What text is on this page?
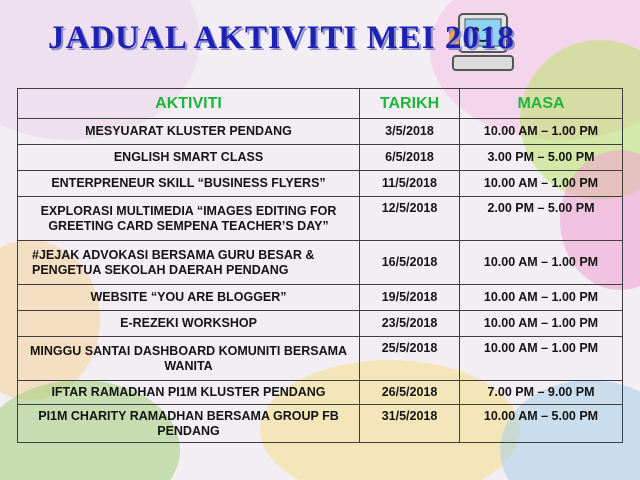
JADUAL AKTIVITI MEI 2018
AKTIVITI	TARIKH	MASA
MESYUARAT KLUSTER PENDANG	3/5/2018	10.00 AM – 1.00 PM
ENGLISH SMART CLASS	6/5/2018	3.00 PM – 5.00 PM
ENTERPRENEUR SKILL “BUSINESS FLYERS”	11/5/2018	10.00 AM – 1.00 PM
EXPLORASI MULTIMEDIA “IMAGES EDITING FOR GREETING CARD SEMPENA TEACHER’S DAY”	12/5/2018	2.00 PM – 5.00 PM
#JEJAK ADVOKASI BERSAMA GURU BESAR & PENGETUA SEKOLAH DAERAH PENDANG	16/5/2018	10.00 AM – 1.00 PM
WEBSITE “YOU ARE BLOGGER”	19/5/2018	10.00 AM – 1.00 PM
E-REZEKI WORKSHOP	23/5/2018	10.00 AM – 1.00 PM
MINGGU SANTAI DASHBOARD KOMUNITI BERSAMA WANITA	25/5/2018	10.00 AM – 1.00 PM
IFTAR RAMADHAN PI1M KLUSTER PENDANG	26/5/2018	7.00 PM – 9.00 PM
PI1M CHARITY RAMADHAN BERSAMA GROUP FB PENDANG	31/5/2018	10.00 AM – 5.00 PM
